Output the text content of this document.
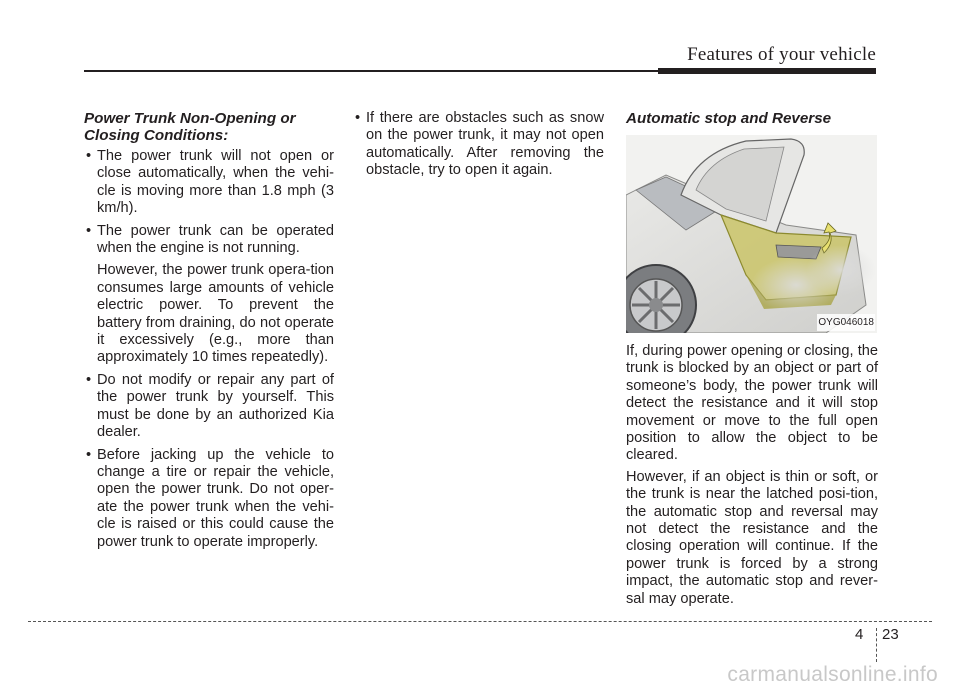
Features of your vehicle
Power Trunk Non-Opening or
Closing Conditions:
• The power trunk will not open or close automatically, when the vehi-cle is moving more than 1.8 mph (3 km/h).
• The power trunk can be operated when the engine is not running.
However, the power trunk opera-tion consumes large amounts of vehicle electric power. To prevent the battery from draining, do not operate it excessively (e.g., more than approximately 10 times repeatedly).
• Do not modify or repair any part of the power trunk by yourself. This must be done by an authorized Kia dealer.
• Before jacking up the vehicle to change a tire or repair the vehicle, open the power trunk. Do not oper-ate the power trunk when the vehi-cle is raised or this could cause the power trunk to operate improperly.
• If there are obstacles such as snow on the power trunk, it may not open automatically. After removing the obstacle, try to open it again.
Automatic stop and Reverse
OYG046018

If, during power opening or closing, the trunk is blocked by an object or part of someone’s body, the power trunk will detect the resistance and it will stop movement or move to the full open position to allow the object to be cleared.

However, if an object is thin or soft, or the trunk is near the latched posi-tion, the automatic stop and reversal may not detect the resistance and the closing operation will continue. If the power trunk is forced by a strong impact, the automatic stop and rever-sal may operate.

4 23
carmanualsonline.info
